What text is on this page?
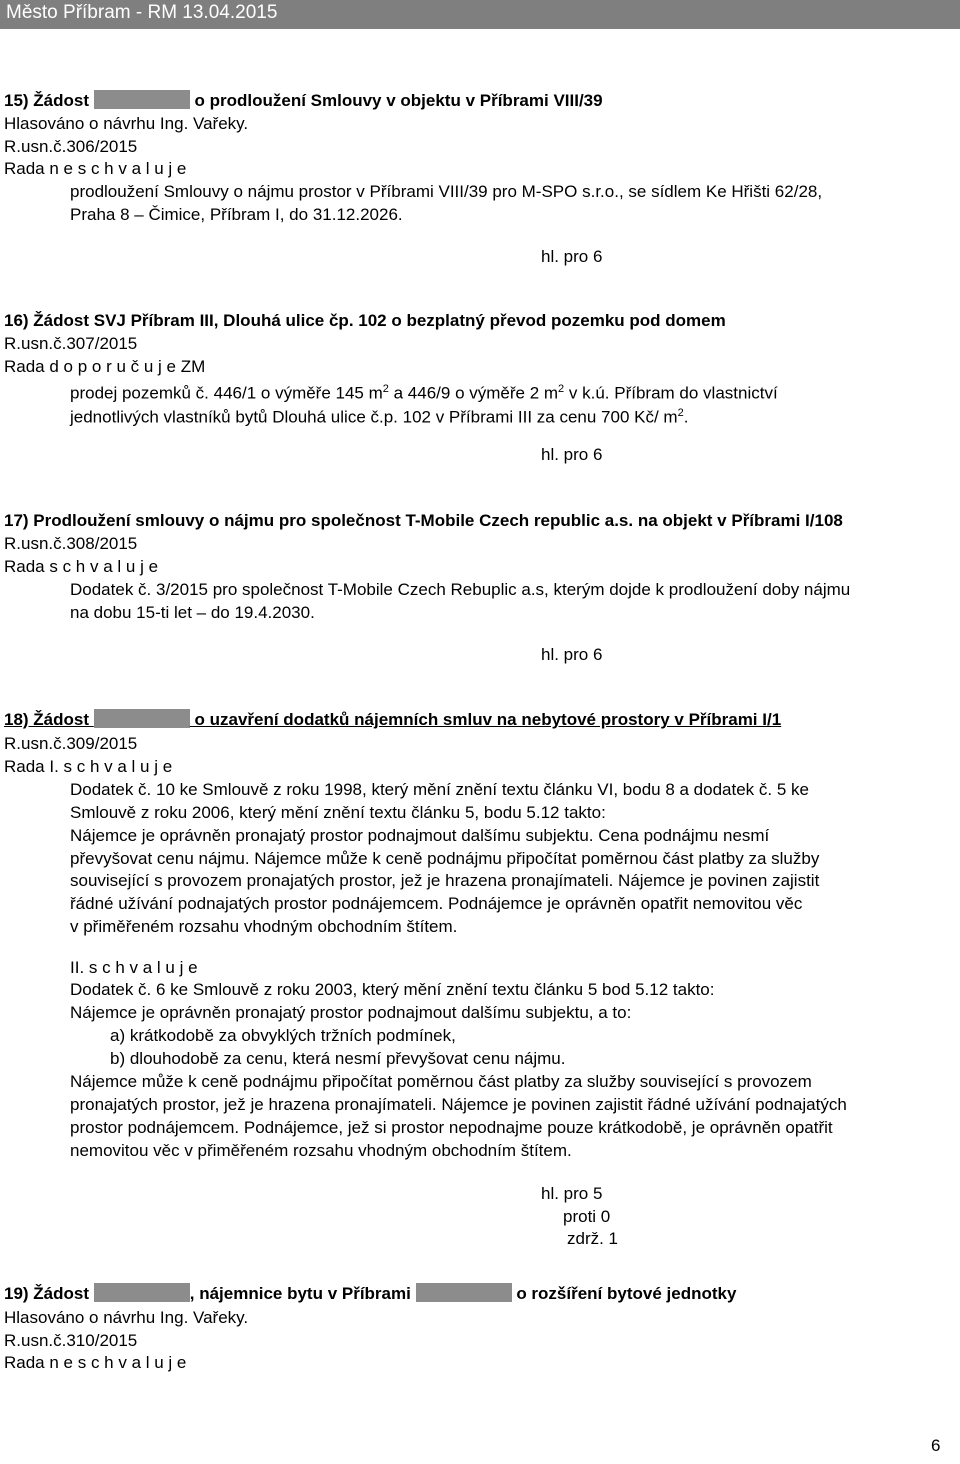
Město Příbram - RM 13.04.2015
15) Žádost	o prodloužení Smlouvy v objektu v Příbrami VIII/39
Hlasováno o návrhu Ing. Vařeky.
R.usn.č.306/2015
Rada n e s c h v a l u j e
prodloužení Smlouvy o nájmu prostor v Příbrami VIII/39 pro M-SPO s.r.o., se sídlem Ke Hřišti 62/28,
Praha 8 – Čimice, Příbram I, do 31.12.2026.
hl. pro 6
16) Žádost SVJ Příbram III, Dlouhá ulice čp. 102 o bezplatný převod pozemku pod domem
R.usn.č.307/2015
Rada d o p o r u č u j e ZM
prodej pozemků č. 446/1 o výměře 145 $m^2$ a 446/9 o výměře 2 $m^2$ v k.ú. Příbram do vlastnictví
jednotlivých vlastníků bytů Dlouhá ulice č.p. 102 v Příbrami III za cenu 700 Kč/ $m^2$.
hl. pro 6
17) Prodloužení smlouvy o nájmu pro společnost T-Mobile Czech republic a.s. na objekt v Příbrami I/108
R.usn.č.308/2015
Rada s c h v a l u j e
Dodatek č. 3/2015 pro společnost T-Mobile Czech Rebuplic a.s, kterým dojde k prodloužení doby nájmu
na dobu 15-ti let – do 19.4.2030.
hl. pro 6
18) Žádost	o uzavření dodatků nájemních smluv na nebytové prostory v Příbrami I/1
R.usn.č.309/2015
Rada I. s c h v a l u j e
Dodatek č. 10 ke Smlouvě z roku 1998, který mění znění textu článku VI, bodu 8 a dodatek č. 5 ke
Smlouvě z roku 2006, který mění znění textu článku 5, bodu 5.12 takto:
Nájemce je oprávněn pronajatý prostor podnajmout dalšímu subjektu. Cena podnájmu nesmí
převyšovat cenu nájmu. Nájemce může k ceně podnájmu připočítat poměrnou část platby za služby
související s provozem pronajatých prostor, jež je hrazena pronajímateli. Nájemce je povinen zajistit
řádné užívání podnajatých prostor podnájemcem. Podnájemce je oprávněn opatřit nemovitou věc
v přiměřeném rozsahu vhodným obchodním štítem.
II. s c h v a l u j e
Dodatek č. 6 ke Smlouvě z roku 2003, který mění znění textu článku 5 bod 5.12 takto:
Nájemce je oprávněn pronajatý prostor podnajmout dalšímu subjektu, a to:
a) krátkodobě za obvyklých tržních podmínek,
b) dlouhodobě za cenu, která nesmí převyšovat cenu nájmu.
Nájemce může k ceně podnájmu připočítat poměrnou část platby za služby související s provozem
pronajatých prostor, jež je hrazena pronajímateli. Nájemce je povinen zajistit řádné užívání podnajatých
prostor podnájemcem. Podnájemce, jež si prostor nepodnajme pouze krátkodobě, je oprávněn opatřit
nemovitou věc v přiměřeném rozsahu vhodným obchodním štítem.
hl. pro 5
proti 0
zdrž. 1
19) Žádost	, nájemnice bytu v Příbrami	o rozšíření bytové jednotky
Hlasováno o návrhu Ing. Vařeky.
R.usn.č.310/2015
Rada n e s c h v a l u j e
6
